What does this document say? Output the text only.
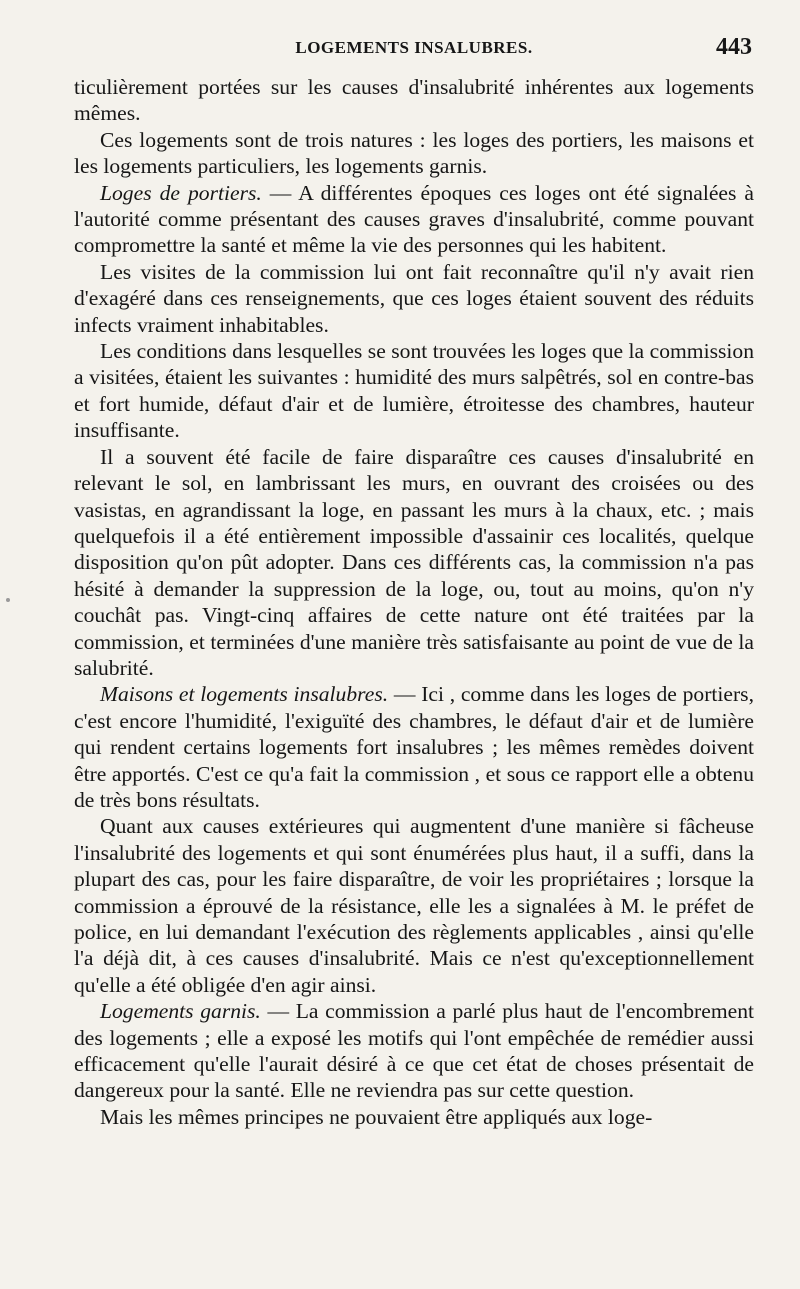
LOGEMENTS INSALUBRES.	443

ticulièrement portées sur les causes d'insalubrité inhérentes aux logements mêmes.

Ces logements sont de trois natures : les loges des portiers, les maisons et les logements particuliers, les logements garnis.

Loges de portiers. — A différentes époques ces loges ont été signalées à l'autorité comme présentant des causes graves d'insalubrité, comme pouvant compromettre la santé et même la vie des personnes qui les habitent.

Les visites de la commission lui ont fait reconnaître qu'il n'y avait rien d'exagéré dans ces renseignements, que ces loges étaient souvent des réduits infects vraiment inhabitables.

Les conditions dans lesquelles se sont trouvées les loges que la commission a visitées, étaient les suivantes : humidité des murs salpêtrés, sol en contre-bas et fort humide, défaut d'air et de lumière, étroitesse des chambres, hauteur insuffisante.

Il a souvent été facile de faire disparaître ces causes d'insalubrité en relevant le sol, en lambrissant les murs, en ouvrant des croisées ou des vasistas, en agrandissant la loge, en passant les murs à la chaux, etc. ; mais quelquefois il a été entièrement impossible d'assainir ces localités, quelque disposition qu'on pût adopter. Dans ces différents cas, la commission n'a pas hésité à demander la suppression de la loge, ou, tout au moins, qu'on n'y couchât pas. Vingt-cinq affaires de cette nature ont été traitées par la commission, et terminées d'une manière très satisfaisante au point de vue de la salubrité.

Maisons et logements insalubres. — Ici , comme dans les loges de portiers, c'est encore l'humidité, l'exiguïté des chambres, le défaut d'air et de lumière qui rendent certains logements fort insalubres ; les mêmes remèdes doivent être apportés. C'est ce qu'a fait la commission , et sous ce rapport elle a obtenu de très bons résultats.

Quant aux causes extérieures qui augmentent d'une manière si fâcheuse l'insalubrité des logements et qui sont énumérées plus haut, il a suffi, dans la plupart des cas, pour les faire disparaître, de voir les propriétaires ; lorsque la commission a éprouvé de la résistance, elle les a signalées à M. le préfet de police, en lui demandant l'exécution des règlements applicables , ainsi qu'elle l'a déjà dit, à ces causes d'insalubrité. Mais ce n'est qu'exceptionnellement qu'elle a été obligée d'en agir ainsi.

Logements garnis. — La commission a parlé plus haut de l'encombrement des logements ; elle a exposé les motifs qui l'ont empêchée de remédier aussi efficacement qu'elle l'aurait désiré à ce que cet état de choses présentait de dangereux pour la santé. Elle ne reviendra pas sur cette question.

Mais les mêmes principes ne pouvaient être appliqués aux loge-
